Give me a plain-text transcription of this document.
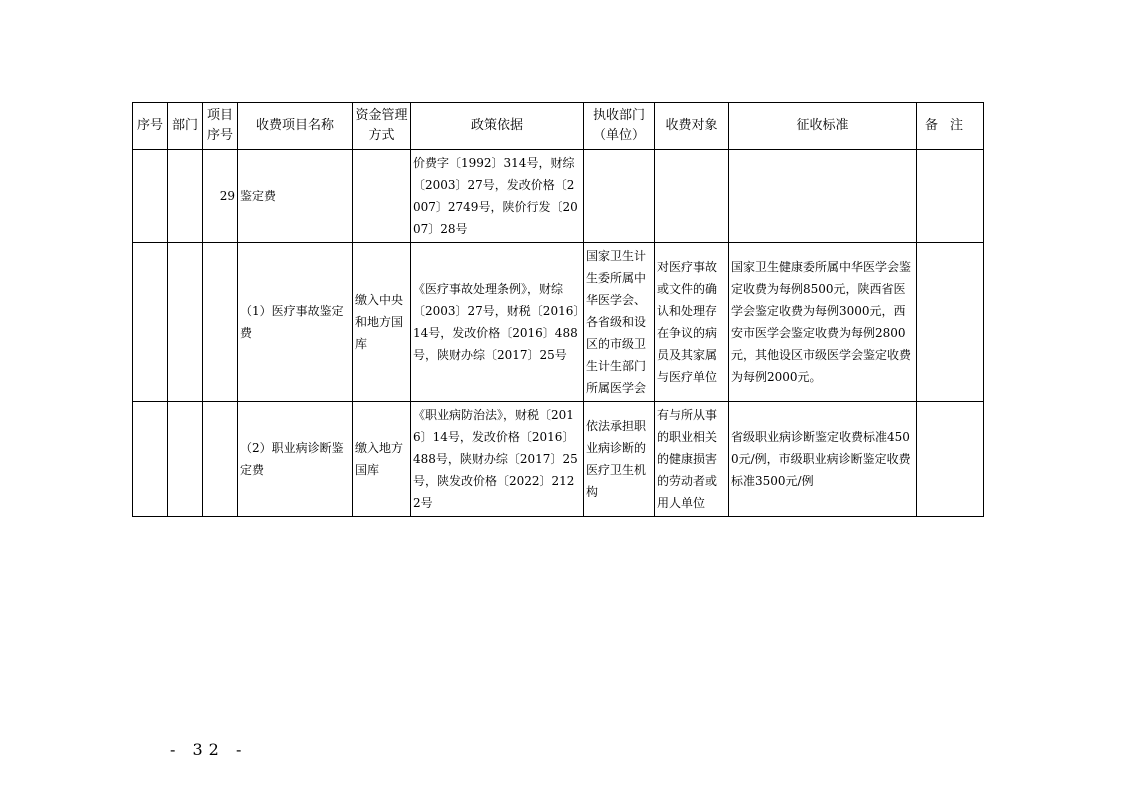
序号	部门	项目序号	收费项目名称	资金管理方式	政策依据	执收部门（单位）	收费对象	征收标准	备注
		29	鉴定费		价费字〔1992〕314号，财综〔2003〕27号，发改价格〔2007〕2749号，陕价行发〔2007〕28号				
			（1）医疗事故鉴定费	缴入中央和地方国库	《医疗事故处理条例》，财综〔2003〕27号，财税〔2016〕14号，发改价格〔2016〕488号，陕财办综〔2017〕25号	国家卫生计生委所属中华医学会、各省级和设区的市级卫生计生部门所属医学会	对医疗事故或文件的确认和处理存在争议的病员及其家属与医疗单位	国家卫生健康委所属中华医学会鉴定收费为每例8500元，陕西省医学会鉴定收费为每例3000元，西安市医学会鉴定收费为每例2800元，其他设区市级医学会鉴定收费为每例2000元。	
			（2）职业病诊断鉴定费	缴入地方国库	《职业病防治法》，财税〔2016〕14号，发改价格〔2016〕488号，陕财办综〔2017〕25号，陕发改价格〔2022〕2122号	依法承担职业病诊断的医疗卫生机构	有与所从事的职业相关的健康损害的劳动者或用人单位	省级职业病诊断鉴定收费标准4500元/例，市级职业病诊断鉴定收费标准3500元/例	
- 32 -
